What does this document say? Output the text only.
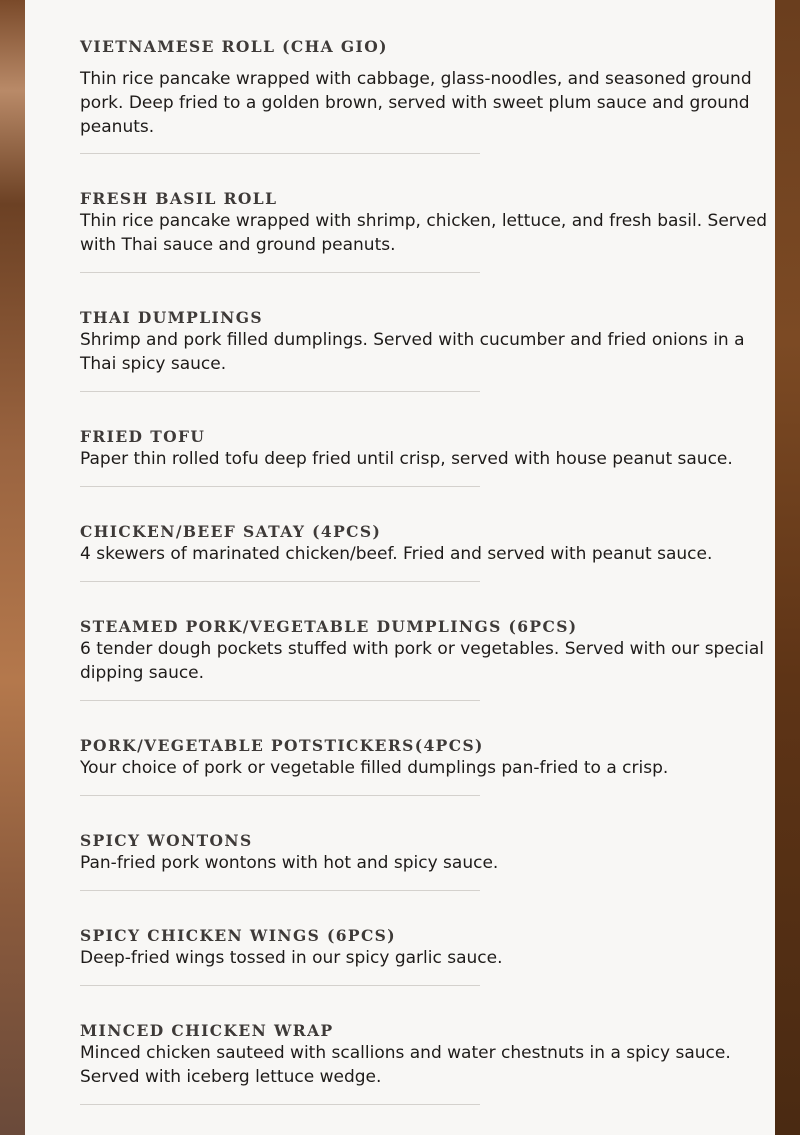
VIETNAMESE ROLL (CHA GIO)

Thin rice pancake wrapped with cabbage, glass-noodles, and seasoned ground pork. Deep fried to a golden brown, served with sweet plum sauce and ground peanuts.

FRESH BASIL ROLL

Thin rice pancake wrapped with shrimp, chicken, lettuce, and fresh basil. Served with Thai sauce and ground peanuts.

THAI DUMPLINGS

Shrimp and pork filled dumplings. Served with cucumber and fried onions in a Thai spicy sauce.

FRIED TOFU

Paper thin rolled tofu deep fried until crisp, served with house peanut sauce.

CHICKEN/BEEF SATAY (4PCS)

4 skewers of marinated chicken/beef. Fried and served with peanut sauce.

STEAMED PORK/VEGETABLE DUMPLINGS (6PCS)

6 tender dough pockets stuffed with pork or vegetables. Served with our special dipping sauce.

PORK/VEGETABLE POTSTICKERS(4PCS)

Your choice of pork or vegetable filled dumplings pan-fried to a crisp.

SPICY WONTONS

Pan-fried pork wontons with hot and spicy sauce.

SPICY CHICKEN WINGS (6PCS)

Deep-fried wings tossed in our spicy garlic sauce.

MINCED CHICKEN WRAP

Minced chicken sauteed with scallions and water chestnuts in a spicy sauce. Served with iceberg lettuce wedge.
